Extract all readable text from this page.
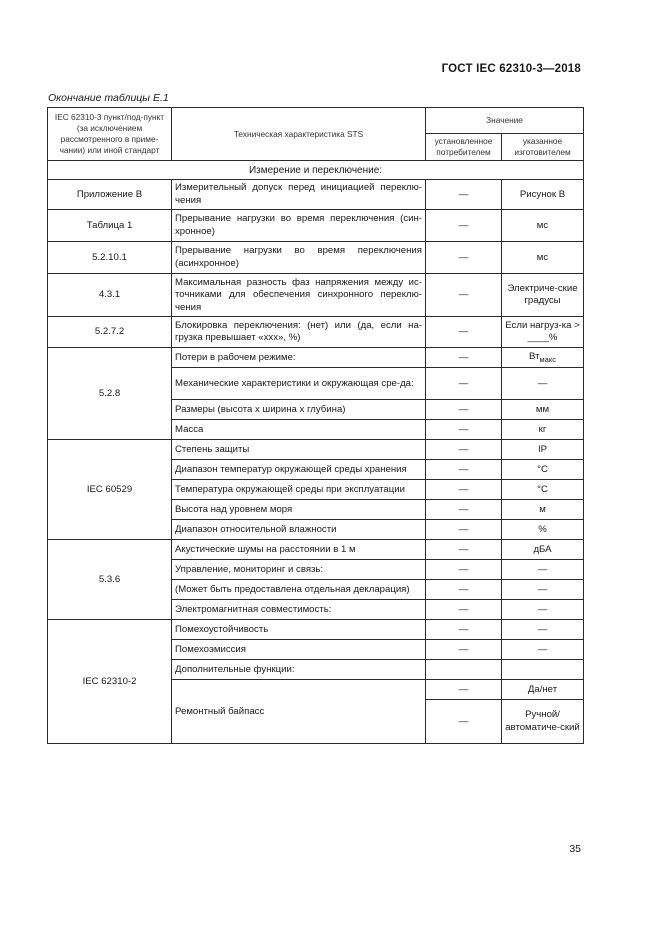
ГОСТ IEC 62310-3—2018
Окончание таблицы Е.1
IEC 62310-3 пункт/под-пункт (за исключением рассмотренного в приме-чании) или иной стандарт	Техническая характеристика STS	Значение	
		установленное потребителем	указанное изготовителем
Измерение и переключение:			
Приложение В	Измерительный допуск перед инициацией переклю-чения	—	Рисунок В
Таблица 1	Прерывание нагрузки во время переключения (син-хронное)	—	мс
5.2.10.1	Прерывание нагрузки во время переключения (асинхронное)	—	мс
4.3.1	Максимальная разность фаз напряжения между ис-точниками для обеспечения синхронного переклю-чения	—	Электриче-ские градусы
5.2.7.2	Блокировка переключения: (нет) или (да, если на-грузка превышает «ххх», %)	—	Если нагруз-ка > ____%
5.2.8	Потери в рабочем режиме:	—	$Вт_{макс}$
	Механические характеристики и окружающая сре-да:	—	—
	Размеры (высота х ширина х глубина)	—	мм
	Масса	—	кг
IEC 60529	Степень защиты	—	IP
	Диапазон температур окружающей среды хранения	—	°С
	Температура окружающей среды при эксплуатации	—	°С
	Высота над уровнем моря	—	м
	Диапазон относительной влажности	—	%
5.3.6	Акустические шумы на расстоянии в 1 м	—	дБА
	Управление, мониторинг и связь:	—	—
	(Может быть предоставлена отдельная декларация)	—	—
	Электромагнитная совместимость:	—	—
IEC 62310-2	Помехоустойчивость	—	—
	Помехоэмиссия	—	—
	Дополнительные функции:		
	Ремонтный байпасс	—	Да/нет
		—	Ручной/ автоматиче-ский
35
